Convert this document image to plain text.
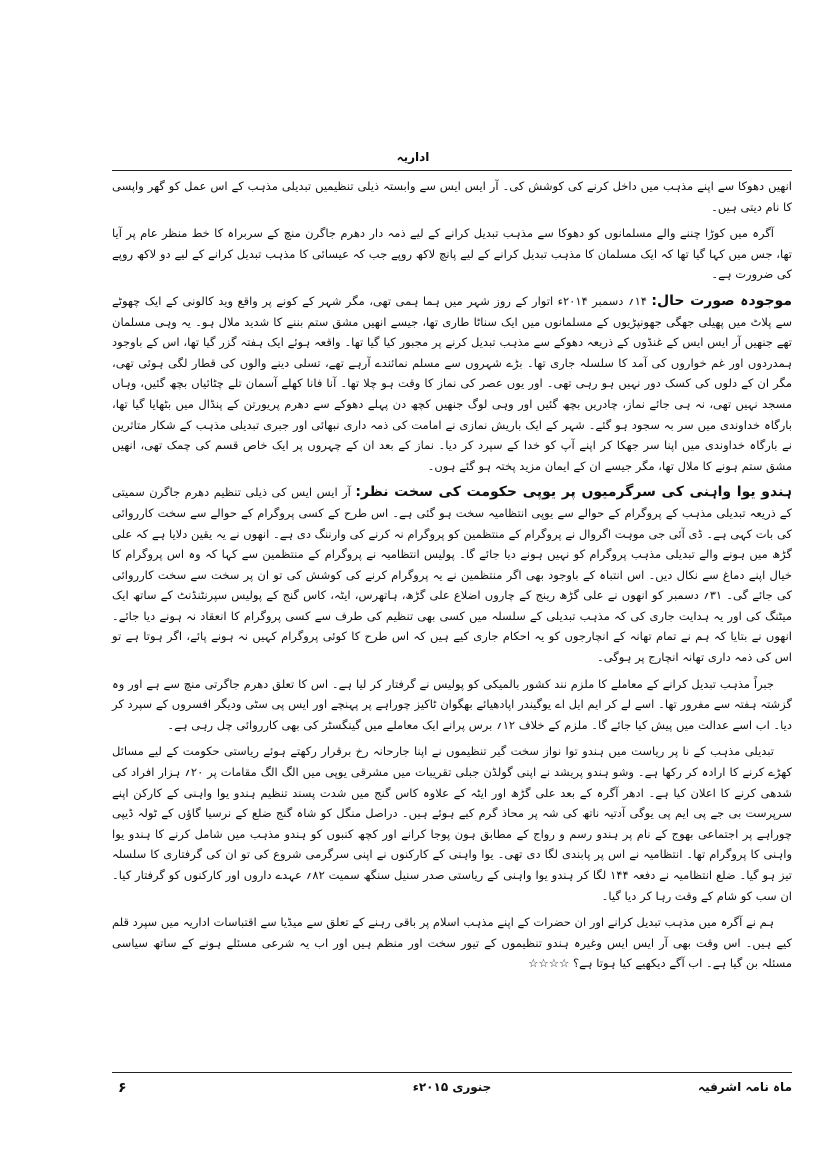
اداریہ

انھیں دھوکا سے اپنے مذہب میں داخل کرنے کی کوشش کی۔ آر ایس ایس سے وابستہ ذیلی تنظیمیں تبدیلی مذہب کے اس عمل کو گھر واپسی کا نام دیتی ہیں۔

آگرہ میں کوڑا چننے والے مسلمانوں کو دھوکا سے مذہب تبدیل کرانے کے لیے ذمہ دار دھرم جاگرن منچ کے سربراہ کا خط منظر عام پر آیا تھا، جس میں کہا گیا تھا کہ ایک مسلمان کا مذہب تبدیل کرانے کے لیے پانچ لاکھ روپے جب کہ عیسائی کا مذہب تبدیل کرانے کے لیے دو لاکھ روپے کی ضرورت ہے۔

موجودہ صورت حال: ۱۴؍ دسمبر ۲۰۱۴ء اتوار کے روز شہر میں ہما ہمی تھی، مگر شہر کے کونے پر واقع وید کالونی کے ایک چھوٹے سے پلاٹ میں پھیلی جھگی جھونپڑیوں کے مسلمانوں میں ایک سناٹا طاری تھا، جیسے انھیں مشق ستم بننے کا شدید ملال ہو۔ یہ وہی مسلمان تھے جنھیں آر ایس ایس کے غنڈوں کے ذریعہ دھوکے سے مذہب تبدیل کرنے پر مجبور کیا گیا تھا۔ واقعہ ہوئے ایک ہفتہ گزر گیا تھا، اس کے باوجود ہمدردوں اور غم خواروں کی آمد کا سلسلہ جاری تھا۔ بڑے شہروں سے مسلم نمائندے آرہے تھے، تسلی دینے والوں کی قطار لگی ہوئی تھی، مگر ان کے دلوں کی کسک دور نہیں ہو رہی تھی۔ اور یوں عصر کی نماز کا وقت ہو چلا تھا۔ آنا فانا کھلے آسمان تلے چٹائیاں بچھ گئیں، وہاں مسجد نہیں تھی، نہ ہی جائے نماز، چادریں بچھ گئیں اور وہی لوگ جنھیں کچھ دن پہلے دھوکے سے دھرم پریورتن کے پنڈال میں بٹھایا گیا تھا، بارگاہ خداوندی میں سر بہ سجود ہو گئے۔ شہر کے ایک باریش نمازی نے امامت کی ذمہ داری نبھائی اور جبری تبدیلی مذہب کے شکار متاثرین نے بارگاہ خداوندی میں اپنا سر جھکا کر اپنے آپ کو خدا کے سپرد کر دیا۔ نماز کے بعد ان کے چہروں پر ایک خاص قسم کی چمک تھی، انھیں مشق ستم ہونے کا ملال تھا، مگر جیسے ان کے ایمان مزید پختہ ہو گئے ہوں۔

ہندو یوا واہنی کی سرگرمیوں پر یوپی حکومت کی سخت نظر: آر ایس ایس کی ذیلی تنظیم دھرم جاگرن سمیتی کے ذریعہ تبدیلی مذہب کے پروگرام کے حوالے سے یوپی انتظامیہ سخت ہو گئی ہے۔ اس طرح کے کسی پروگرام کے حوالے سے سخت کارروائی کی بات کہی ہے۔ ڈی آئی جی موہت اگروال نے پروگرام کے منتظمین کو پروگرام نہ کرنے کی وارننگ دی ہے۔ انھوں نے یہ یقین دلایا ہے کہ علی گڑھ میں ہونے والے تبدیلی مذہب پروگرام کو نہیں ہونے دیا جائے گا۔ پولیس انتظامیہ نے پروگرام کے منتظمین سے کہا کہ وہ اس پروگرام کا خیال اپنے دماغ سے نکال دیں۔ اس انتباہ کے باوجود بھی اگر منتظمین نے یہ پروگرام کرنے کی کوشش کی تو ان پر سخت سے سخت کارروائی کی جائے گی۔ ۳۱؍ دسمبر کو انھوں نے علی گڑھ رینج کے چاروں اضلاع علی گڑھ، ہاتھرس، ایٹہ، کاس گنج کے پولیس سپرنٹنڈنٹ کے ساتھ ایک میٹنگ کی اور یہ ہدایت جاری کی کہ مذہب تبدیلی کے سلسلہ میں کسی بھی تنظیم کی طرف سے کسی پروگرام کا انعقاد نہ ہونے دیا جائے۔ انھوں نے بتایا کہ ہم نے تمام تھانہ کے انچارجوں کو یہ احکام جاری کیے ہیں کہ اس طرح کا کوئی پروگرام کہیں نہ ہونے پائے، اگر ہوتا ہے تو اس کی ذمہ داری تھانہ انچارج پر ہوگی۔

جبراً مذہب تبدیل کرانے کے معاملے کا ملزم نند کشور بالمیکی کو پولیس نے گرفتار کر لیا ہے۔ اس کا تعلق دھرم جاگرتی منچ سے ہے اور وہ گزشتہ ہفتہ سے مفرور تھا۔ اسے لے کر ایم ایل اے یوگیندر اپادھیائے بھگوان ٹاکیز چوراہے پر پہنچے اور ایس پی سٹی ودیگر افسروں کے سپرد کر دیا۔ اب اسے عدالت میں پیش کیا جائے گا۔ ملزم کے خلاف ۱۲؍ برس پرانے ایک معاملے میں گینگسٹر کی بھی کارروائی چل رہی ہے۔

تبدیلی مذہب کے نا پر ریاست میں ہندو توا نواز سخت گیر تنظیموں نے اپنا جارحانہ رخ برقرار رکھتے ہوئے ریاستی حکومت کے لیے مسائل کھڑے کرنے کا ارادہ کر رکھا ہے۔ وشو ہندو پریشد نے اپنی گولڈن جبلی تقریبات میں مشرقی یوپی میں الگ الگ مقامات پر ۲۰؍ ہزار افراد کی شدھی کرنے کا اعلان کیا ہے۔ ادھر آگرہ کے بعد علی گڑھ اور ایٹہ کے علاوہ کاس گنج میں شدت پسند تنظیم ہندو یوا واہنی کے کارکن اپنے سرپرست بی جے پی ایم پی یوگی آدتیہ ناتھ کی شہ پر محاذ گرم کیے ہوئے ہیں۔ دراصل منگل کو شاہ گنج ضلع کے نرسیا گاؤں کے ٹولہ ڈیپی چوراہے پر اجتماعی بھوج کے نام پر ہندو رسم و رواج کے مطابق ہون پوجا کرانے اور کچھ کنبوں کو ہندو مذہب میں شامل کرنے کا ہندو یوا واہنی کا پروگرام تھا۔ انتظامیہ نے اس پر پابندی لگا دی تھی۔ یوا واہنی کے کارکنوں نے اپنی سرگرمی شروع کی تو ان کی گرفتاری کا سلسلہ تیز ہو گیا۔ ضلع انتظامیہ نے دفعہ ۱۴۴ لگا کر ہندو یوا واہنی کے ریاستی صدر سنیل سنگھ سمیت ۸۲؍ عہدے داروں اور کارکنوں کو گرفتار کیا۔ ان سب کو شام کے وقت رہا کر دیا گیا۔

ہم نے آگرہ میں مذہب تبدیل کرانے اور ان حضرات کے اپنے مذہب اسلام پر باقی رہنے کے تعلق سے میڈیا سے اقتباسات اداریہ میں سپرد قلم کیے ہیں۔ اس وقت بھی آر ایس ایس وغیرہ ہندو تنظیموں کے تیور سخت اور منظم ہیں اور اب یہ شرعی مسئلے ہونے کے ساتھ سیاسی مسئلہ بن گیا ہے۔ اب آگے دیکھیے کیا ہوتا ہے؟ ☆☆☆☆

ماہ نامہ اشرفیہ
جنوری ۲۰۱۵ء
۶
